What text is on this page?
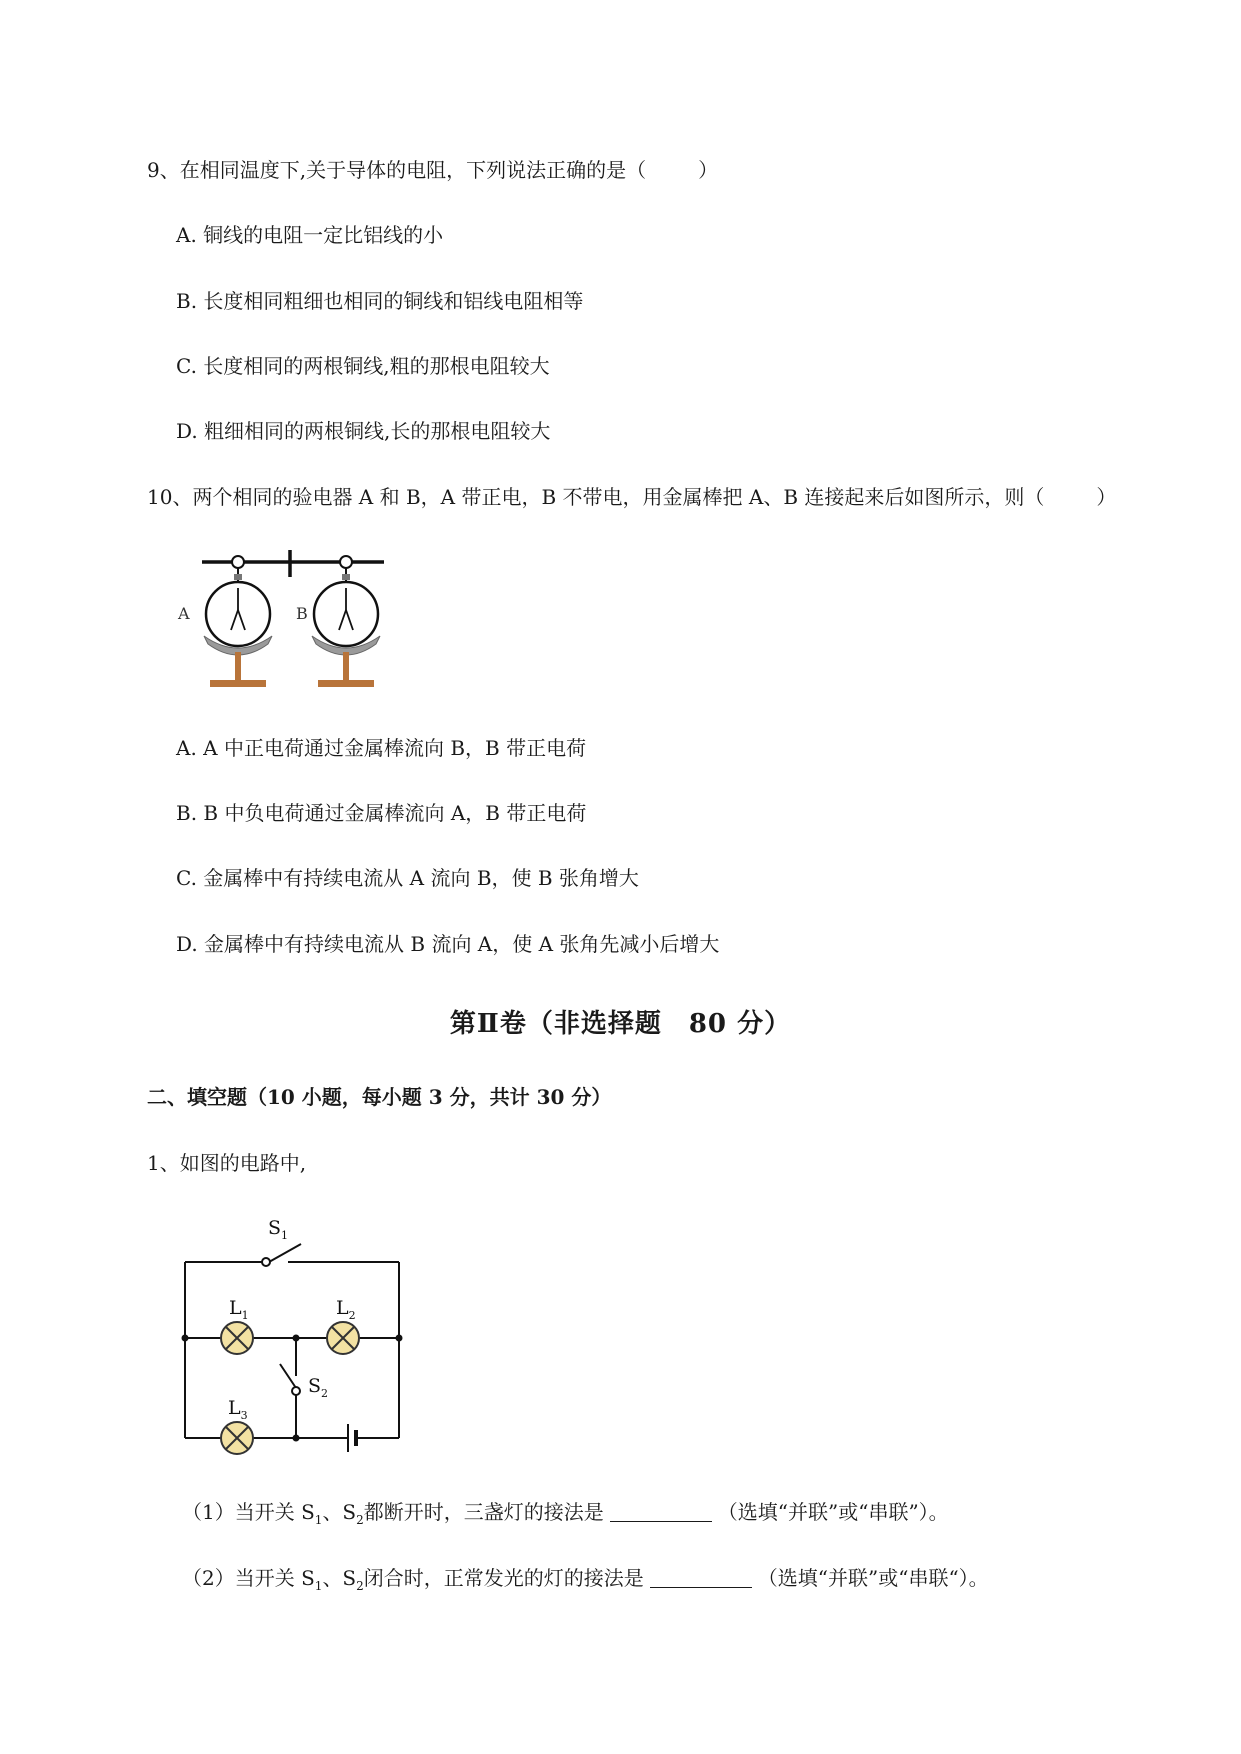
9、在相同温度下,关于导体的电阻，下列说法正确的是（	）
A. 铜线的电阻一定比铝线的小
B. 长度相同粗细也相同的铜线和铝线电阻相等
C. 长度相同的两根铜线,粗的那根电阻较大
D. 粗细相同的两根铜线,长的那根电阻较大
10、两个相同的验电器 A 和 B，A 带正电，B 不带电，用金属棒把 A、B 连接起来后如图所示，则（	）
A	B
A. A 中正电荷通过金属棒流向 B，B 带正电荷
B. B 中负电荷通过金属棒流向 A，B 带正电荷
C. 金属棒中有持续电流从 A 流向 B，使 B 张角增大
D. 金属棒中有持续电流从 B 流向 A，使 A 张角先减小后增大
第Ⅱ卷（非选择题　80 分）
二、填空题（10 小题，每小题 3 分，共计 30 分）
1、如图的电路中,
$S_1$
$L_1$	$L_2$
$S_2$
$L_3$
（1）当开关 $S_1$、$S_2$都断开时，三盏灯的接法是	（选填“并联”或“串联”）。
（2）当开关 $S_1$、$S_2$闭合时，正常发光的灯的接法是	（选填“并联”或“串联“）。
